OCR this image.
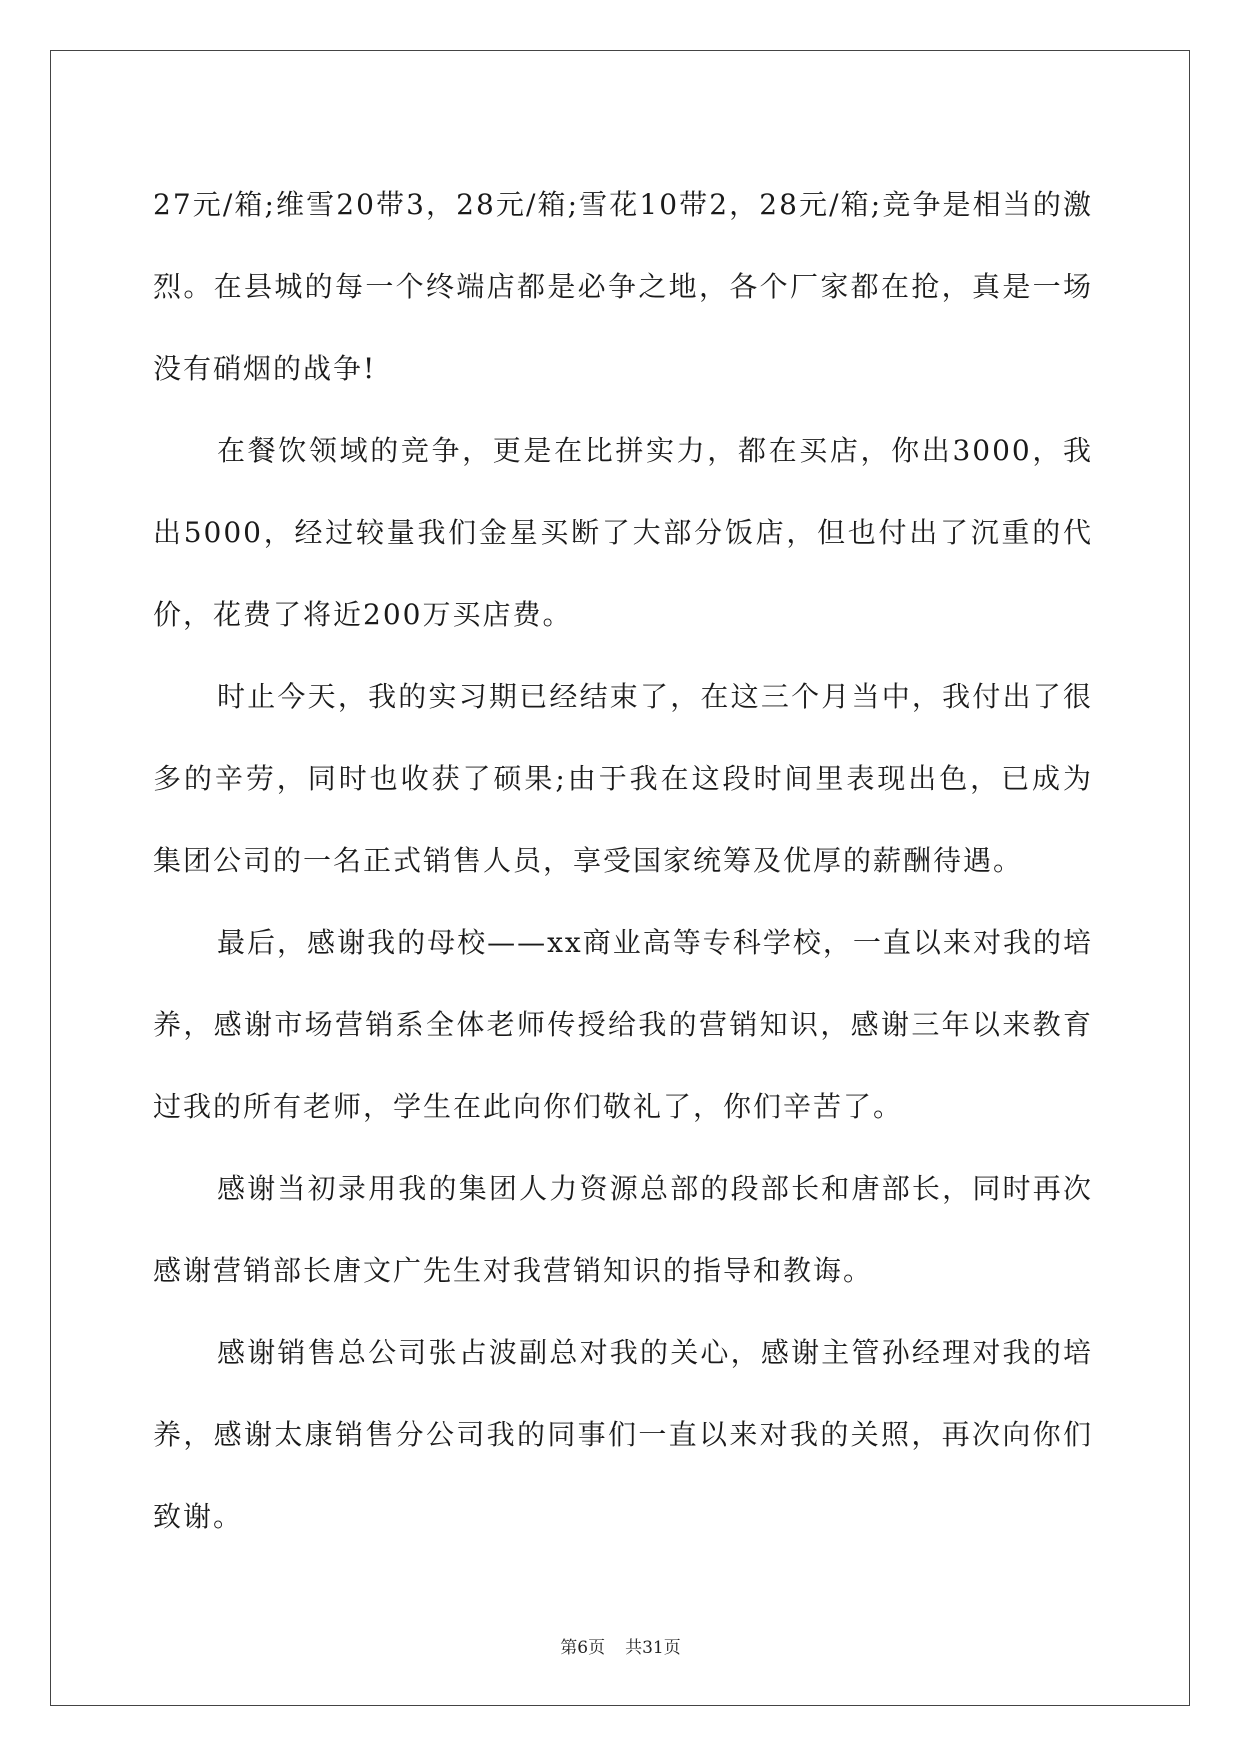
27元/箱;维雪20带3，28元/箱;雪花10带2，28元/箱;竞争是相当的激烈。在县城的每一个终端店都是必争之地，各个厂家都在抢，真是一场没有硝烟的战争!

在餐饮领域的竞争，更是在比拼实力，都在买店，你出3000，我出5000，经过较量我们金星买断了大部分饭店，但也付出了沉重的代价，花费了将近200万买店费。

时止今天，我的实习期已经结束了，在这三个月当中，我付出了很多的辛劳，同时也收获了硕果;由于我在这段时间里表现出色，已成为集团公司的一名正式销售人员，享受国家统筹及优厚的薪酬待遇。

最后，感谢我的母校——xx商业高等专科学校，一直以来对我的培养，感谢市场营销系全体老师传授给我的营销知识，感谢三年以来教育过我的所有老师，学生在此向你们敬礼了，你们辛苦了。

感谢当初录用我的集团人力资源总部的段部长和唐部长，同时再次感谢营销部长唐文广先生对我营销知识的指导和教诲。

感谢销售总公司张占波副总对我的关心，感谢主管孙经理对我的培养，感谢太康销售分公司我的同事们一直以来对我的关照，再次向你们致谢。

第6页 共31页
